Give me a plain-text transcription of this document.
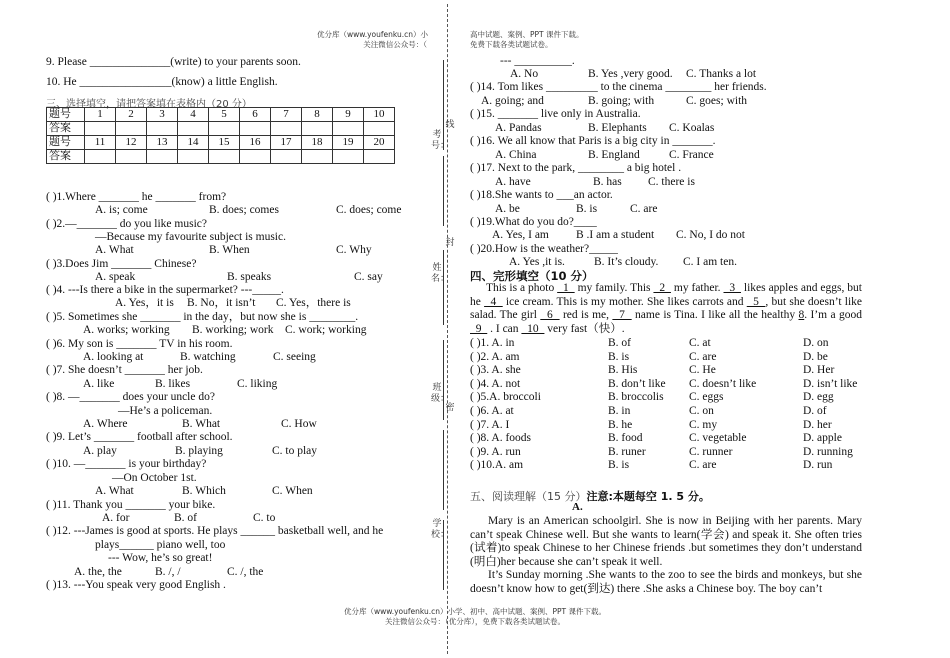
优分库（www.youfenku.cn）小
关注微信公众号：（
高中试题、案例、PPT 课件下载。
免费下载各类试题试卷。
9. Please ______________(write) to your parents soon.
10. He ________________(know) a little English.
三、选择填空，请把答案填在表格内（20 分）
题号	1	2	3	4	5	6	7	8	9	10
答案										
题号	11	12	13	14	15	16	17	18	19	20
答案										
( )1.Where _______ he _______ from?
A. is; come	B. does; comes	C. does; come
( )2.—_______ do you like music?
—Because my favourite subject is music.
A. What	B. When	C. Why
( )3.Does Jim _______ Chinese?
A. speak	B. speaks	C. say
( )4. ---Is there a bike in the supermarket? ---_____.
A. Yes，it is B. No，it isn’t C. Yes，there is
( )5. Sometimes she _______ in the day，but now she is ________.
A. works; working B. working; work C. work; working
( )6. My son is _______ TV in his room.
A. looking at	B. watching	C. seeing
( )7. She doesn’t _______ her job.
A. like	B. likes	C. liking
( )8. —_______ does your uncle do?
—He’s a policeman.
A. Where	B. What	C. How
( )9. Let’s _______ football after school.
A. play	B. playing	C. to play
( )10. —_______ is your birthday?
—On October 1st.
A. What	B. Which	C. When
( )11. Thank you _______ your bike.
A. for	B. of	C. to
( )12. ---James is good at sports. He plays ______ basketball well, and he
plays______ piano well, too
--- Wow, he’s so great!
A. the, the	B. /, /	C. /, the
( )13. ---You speak very good English .
考号：
线
封
姓名：
班级：
密
学校：
--- __________.
A. No	B. Yes ,very good. C. Thanks a lot
( )14. Tom likes _________ to the cinema ________ her friends.
A. going; and	B. going; with	C. goes; with
( )15. _______ live only in Australia.
A. Pandas	B. Elephants C. Koalas
( )16. We all know that Paris is a big city in _______.
A. China	B. England	C. France
( )17. Next to the park, ________ a big hotel .
A. have	B. has C. there is
( )18.She wants to ___an actor.
A. be	B. is	C. are
( )19.What do you do?____
A. Yes, I am B .I am a student C. No, I do not
( )20.How is the weather?_____
A. Yes ,it is.	B. It’s cloudy. C. I am ten.
四、完形填空（10 分）
This is a photo   1   my family. This   2   my father.   3   likes apples and eggs, but he   4   ice cream. This is my mother. She likes carrots and   5  , but she doesn’t like salad. The girl   6   red is me,   7   name is Tina. I like all the healthy 8. I’m a good   9   . I can   10   very fast（快）.
( )1. A. in	B. of	C. at	D. on
( )2. A. am	B. is	C. are	D. be
( )3. A. she	B. His	C. He	D. Her
( )4. A. not	B. don’t like C. doesn’t like	D. isn’t like
( )5.A. broccoli	B. broccolis C. eggs	D. egg
( )6. A. at	B. in	C. on	D. of
( )7. A. I	B. he	C. my	D. her
( )8. A. foods	B. food	C. vegetable	D. apple
( )9. A. run	B. runer	C. runner	D. running
( )10.A. am	B. is	C. are	D. run
五、阅读理解（15 分）注意:本题每空 1. 5 分。
A.
Mary is an American schoolgirl. She is now in Beijing with her parents. Mary can’t speak Chinese well. But she wants to learn(学会) and speak it. She often tries (试着)to speak Chinese to her Chinese friends .but sometimes they don’t understand (明白)her because she can’t speak it well.
It’s Sunday morning .She wants to the zoo to see the birds and monkeys, but she doesn’t know how to get(到达) there .She asks a Chinese boy. The boy can’t
优分库（www.youfenku.cn）小学、初中、高中试题、案例、PPT 课件下载。
关注微信公众号：（优分库），免费下载各类试题试卷。
